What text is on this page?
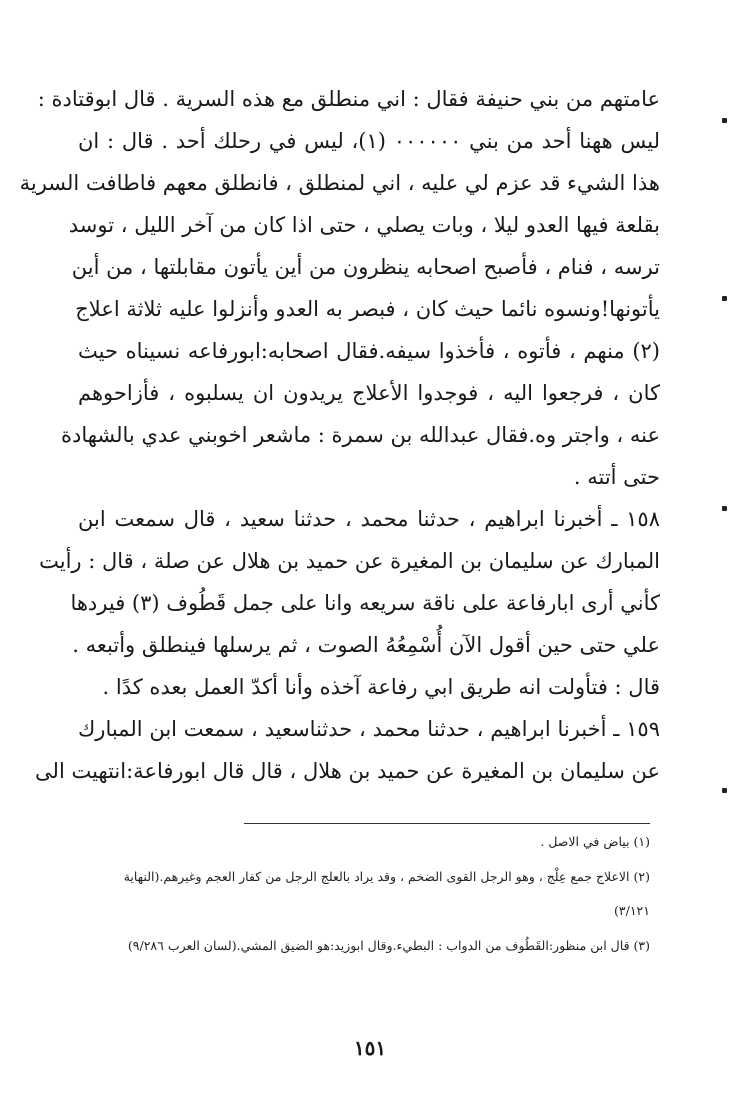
عامتهم من بني حنيفة فقال : اني منطلق مع هذه السرية . قال ابوقتادة :
ليس ههنا أحد من بني ٠٠٠٠٠٠ (١)، ليس في رحلك أحد . قال : ان
هذا الشيء قد عزم لي عليه ، اني لمنطلق ، فانطلق معهم فاطافت السرية
بقلعة فيها العدو ليلا ، وبات يصلي ، حتى اذا كان من آخر الليل ، توسد
ترسه ، فنام ، فأصبح اصحابه ينظرون من أين يأتون مقابلتها ، من أين
يأتونها!ونسوه نائما حيث كان ، فبصر به العدو وأنزلوا عليه ثلاثة اعلاج
(٢) منهم ، فأتوه ، فأخذوا سيفه.فقال اصحابه:ابورفاعه نسيناه حيث
كان ، فرجعوا اليه ، فوجدوا الأعلاج يريدون ان يسلبوه ، فأزاحوهم
عنه ، واجتر وه.فقال عبدالله بن سمرة : ماشعر اخوبني عدي بالشهادة
حتى أتته .
١٥٨ ـ أخبرنا ابراهيم ، حدثنا محمد ، حدثنا سعيد ، قال سمعت ابن
المبارك عن سليمان بن المغيرة عن حميد بن هلال عن صلة ، قال : رأيت
كأني أرى ابارفاعة على ناقة سريعه وانا على جمل قَطُوف (٣) فيردها
علي حتى حين أقول الآن أُسْمِعُهُ الصوت ، ثم يرسلها فينطلق وأتبعه .
قال : فتأولت انه طريق ابي رفاعة آخذه وأنا أكدّ العمل بعده كدًا .
١٥٩ ـ أخبرنا ابراهيم ، حدثنا محمد ، حدثناسعيد ، سمعت ابن المبارك
عن سليمان بن المغيرة عن حميد بن هلال ، قال قال ابورفاعة:انتهيت الى
(١) بياض في الاصل .
(٢) الاعلاج جمع عِلْج ، وهو الرجل القوى الضخم ، وقد يراد بالعلج الرجل من كفار العجم وغيرهم.(النهاية
٣/١٢١)
(٣) قال ابن منظور:القَطُوف من الدواب : البطيء.وقال ابوزيد:هو الضيق المشي.(لسان العرب ٩/٢٨٦)
١٥١
